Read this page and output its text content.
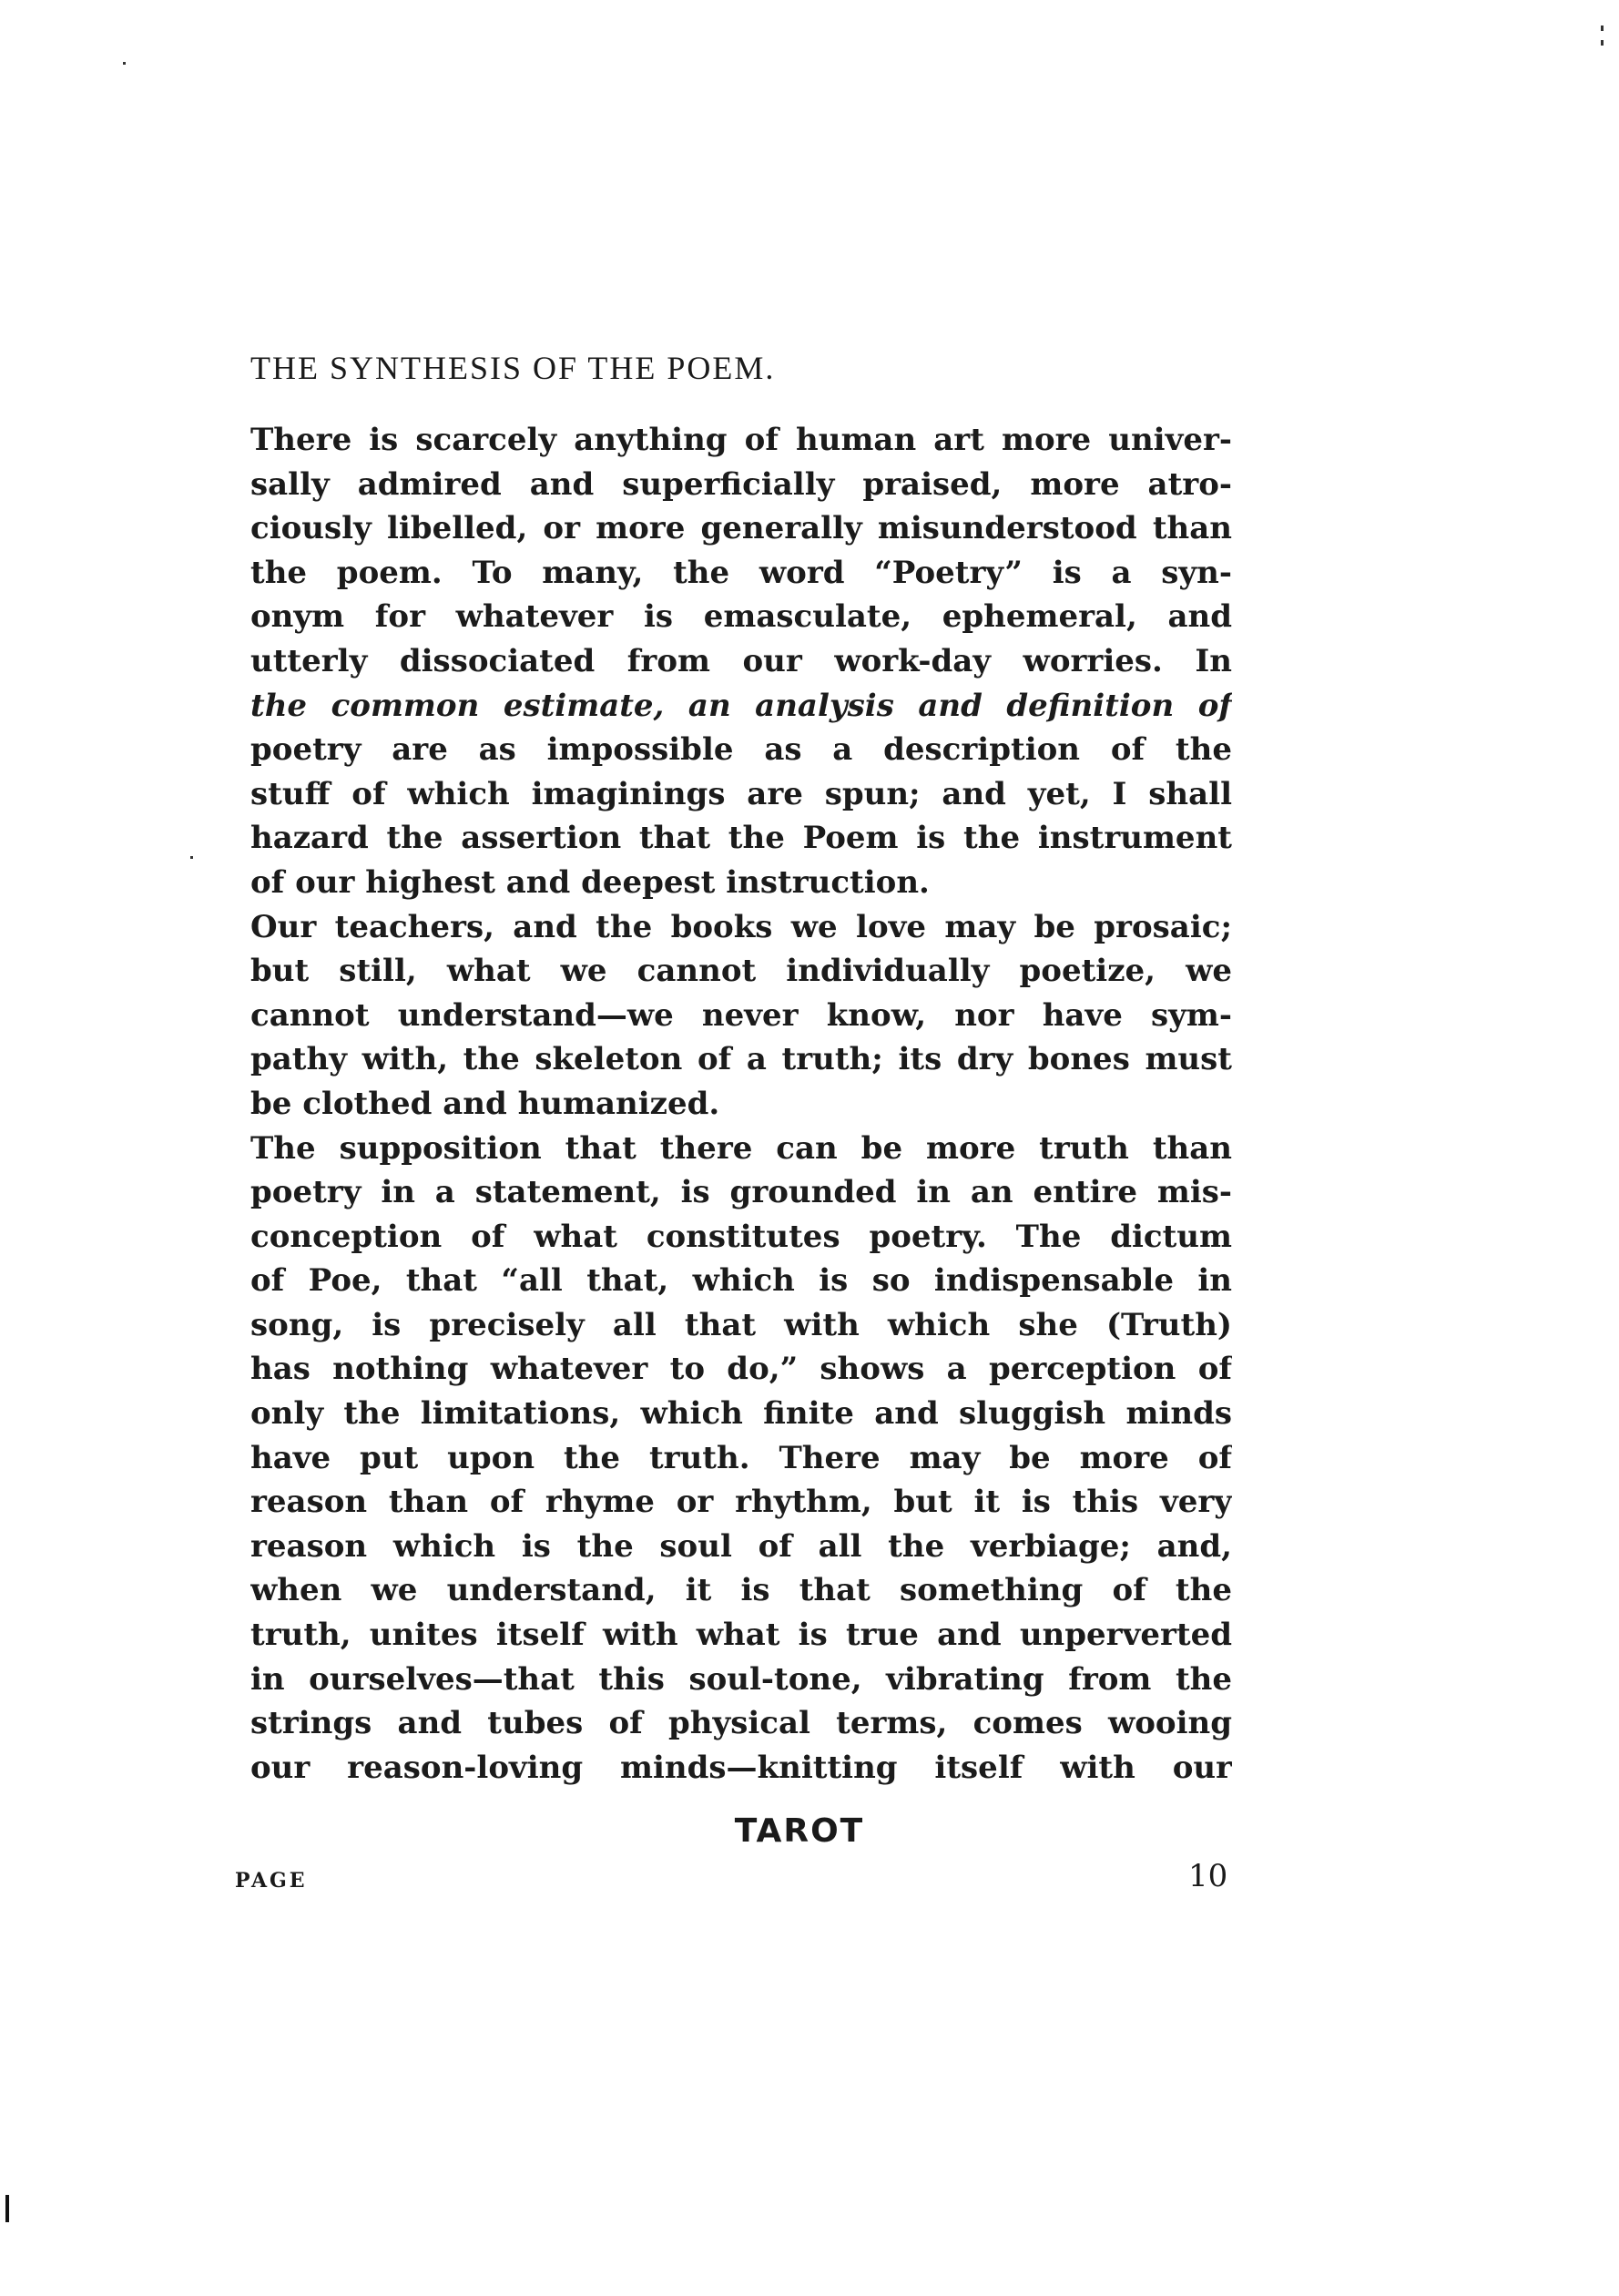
THE SYNTHESIS OF THE POEM.
There is scarcely anything of human art more univer-
sally admired and superficially praised, more atro-
ciously libelled, or more generally misunderstood than
the poem. To many, the word “Poetry” is a syn-
onym for whatever is emasculate, ephemeral, and
utterly dissociated from our work-day worries. In
the common estimate, an analysis and definition of
poetry are as impossible as a description of the
stuff of which imaginings are spun; and yet, I shall
hazard the assertion that the Poem is the instrument
of our highest and deepest instruction.
Our teachers, and the books we love may be prosaic;
but still, what we cannot individually poetize, we
cannot understand—we never know, nor have sym-
pathy with, the skeleton of a truth; its dry bones must
be clothed and humanized.
The supposition that there can be more truth than
poetry in a statement, is grounded in an entire mis-
conception of what constitutes poetry. The dictum
of Poe, that “all that, which is so indispensable in
song, is precisely all that with which she (Truth)
has nothing whatever to do,” shows a perception of
only the limitations, which finite and sluggish minds
have put upon the truth. There may be more of
reason than of rhyme or rhythm, but it is this very
reason which is the soul of all the verbiage; and,
when we understand, it is that something of the
truth, unites itself with what is true and unperverted
in ourselves—that this soul-tone, vibrating from the
strings and tubes of physical terms, comes wooing
our reason-loving minds—knitting itself with our
TAROT
PAGE	10
